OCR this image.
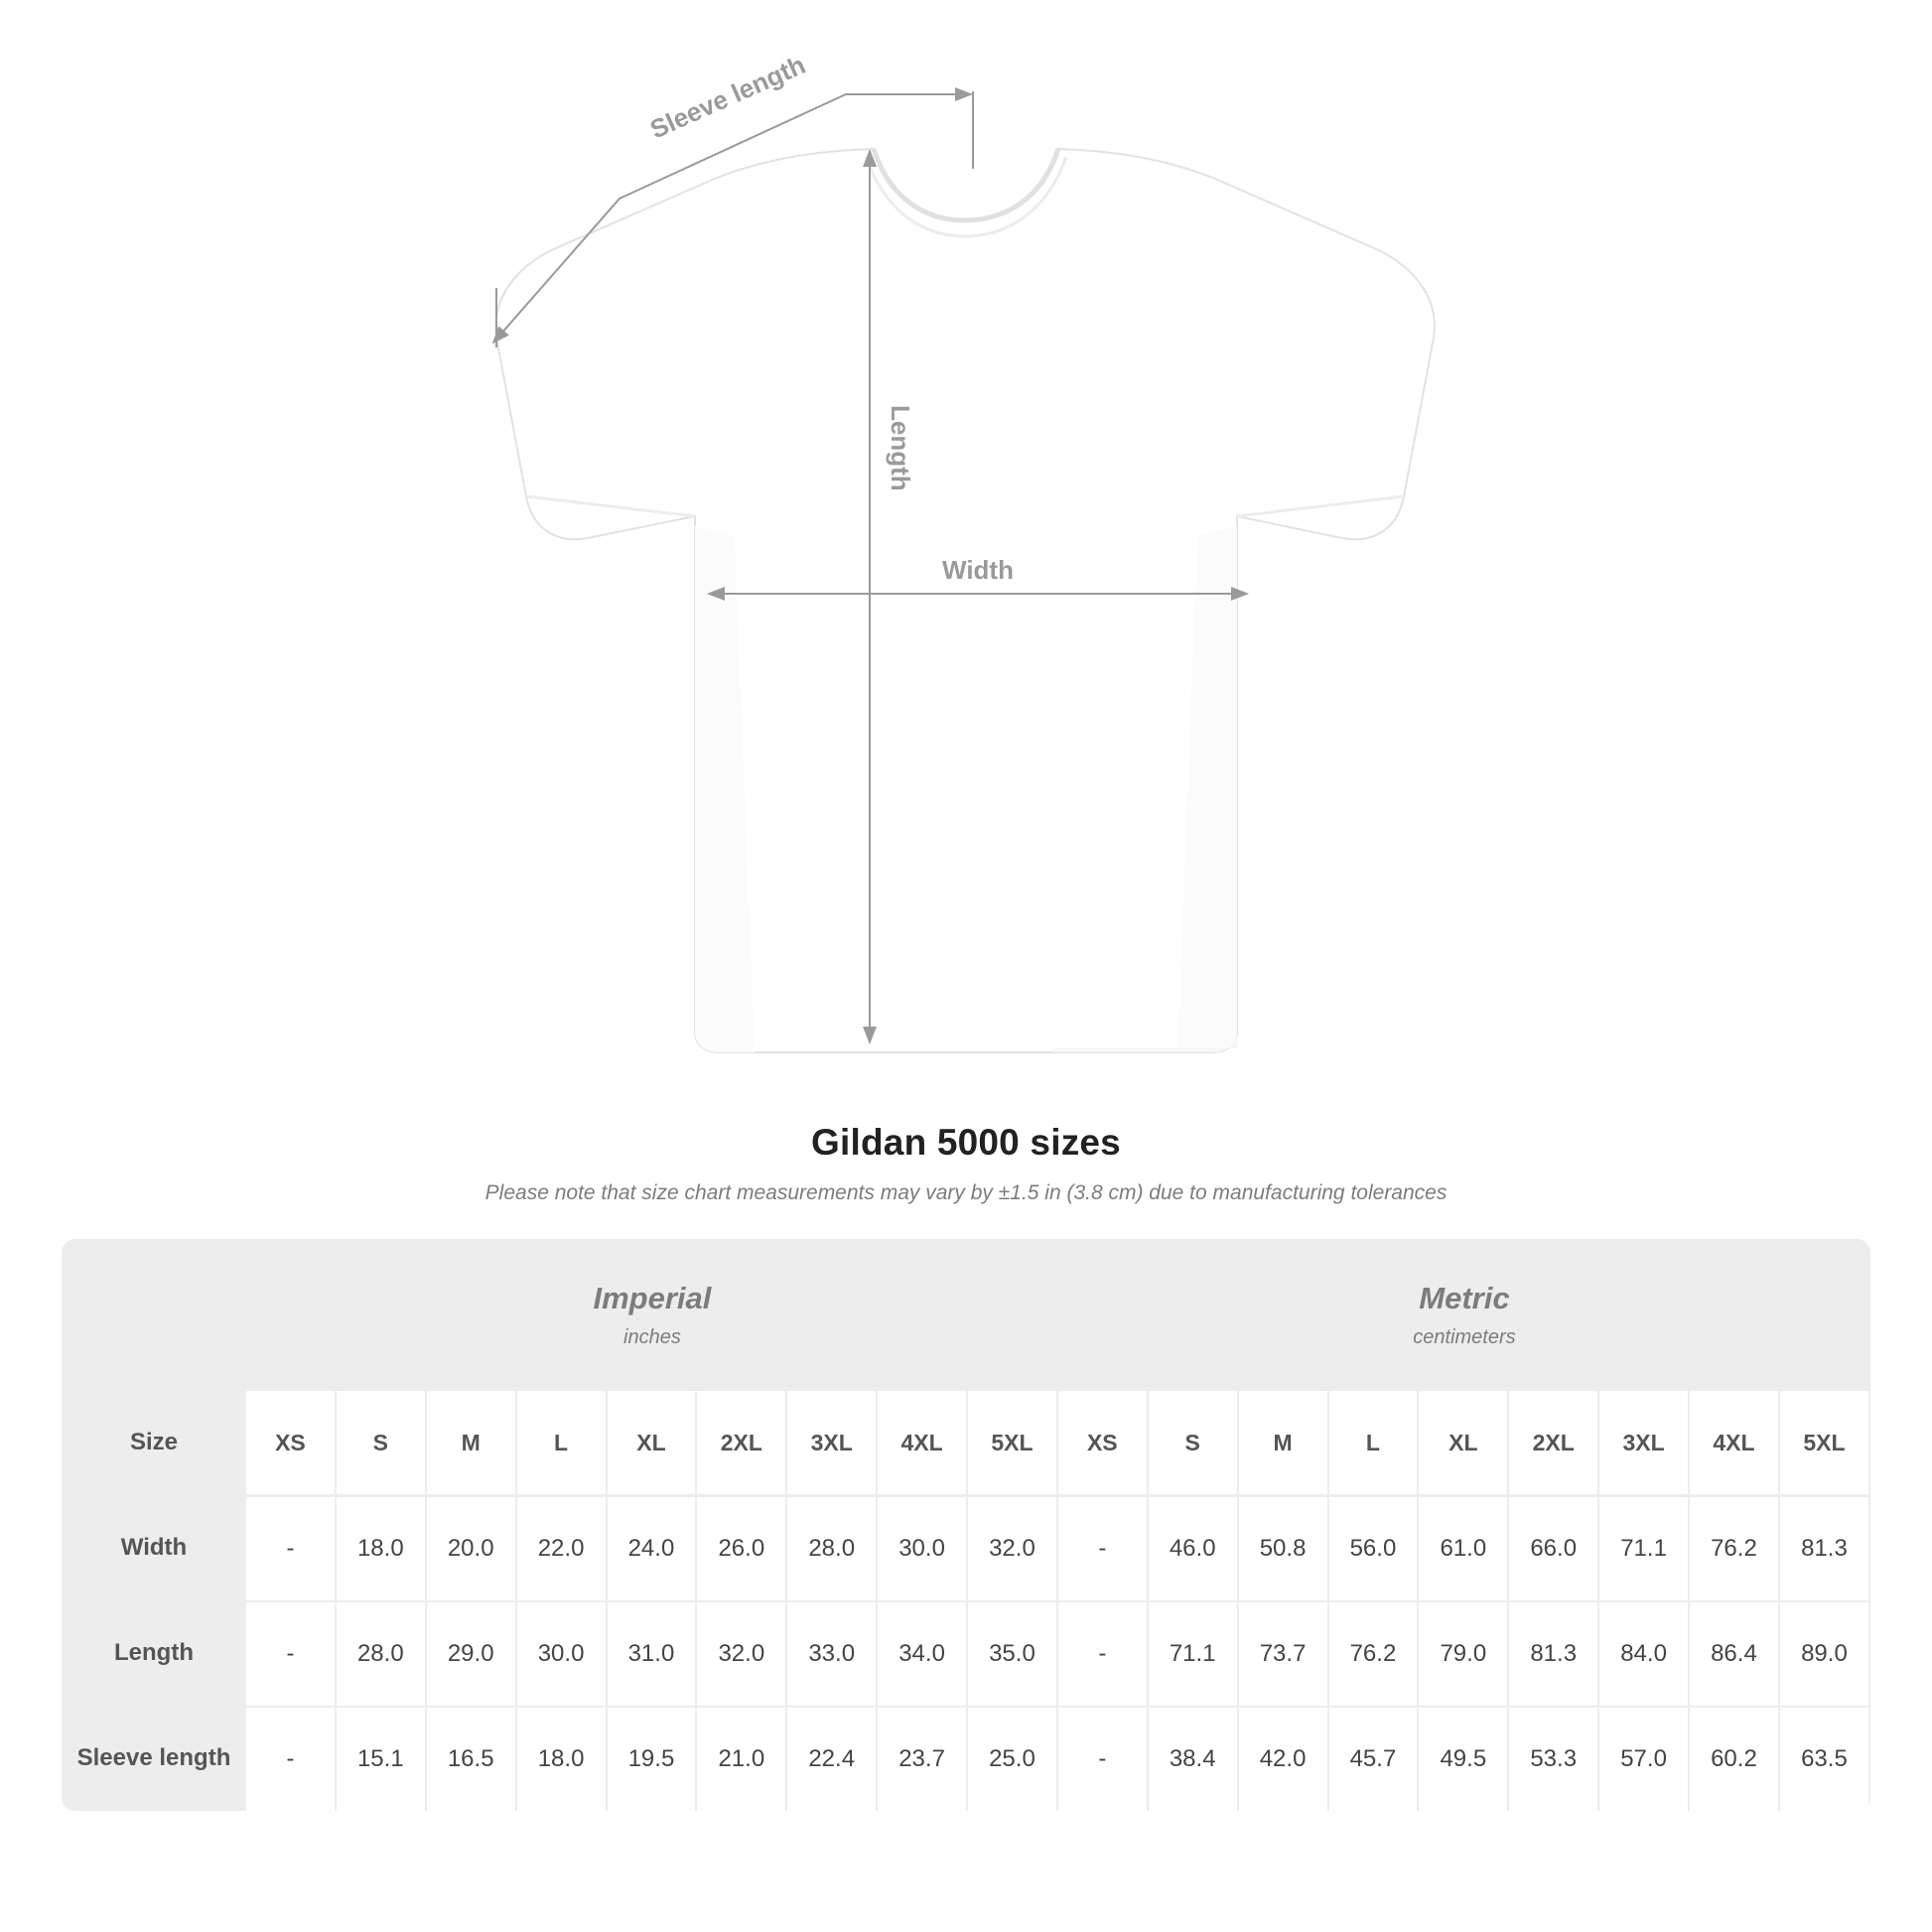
Sleeve length
Length
Width
Gildan 5000 sizes
Please note that size chart measurements may vary by ±1.5 in (3.8 cm) due to manufacturing tolerances

Imperial
inches

Metric
centimeters

Size	XS	S	M	L	XL	2XL	3XL	4XL	5XL	XS	S	M	L	XL	2XL	3XL	4XL	5XL

Width	-	18.0	20.0	22.0	24.0	26.0	28.0	30.0	32.0	-	46.0	50.8	56.0	61.0	66.0	71.1	76.2	81.3

Length	-	28.0	29.0	30.0	31.0	32.0	33.0	34.0	35.0	-	71.1	73.7	76.2	79.0	81.3	84.0	86.4	89.0

Sleeve length	-	15.1	16.5	18.0	19.5	21.0	22.4	23.7	25.0	-	38.4	42.0	45.7	49.5	53.3	57.0	60.2	63.5
